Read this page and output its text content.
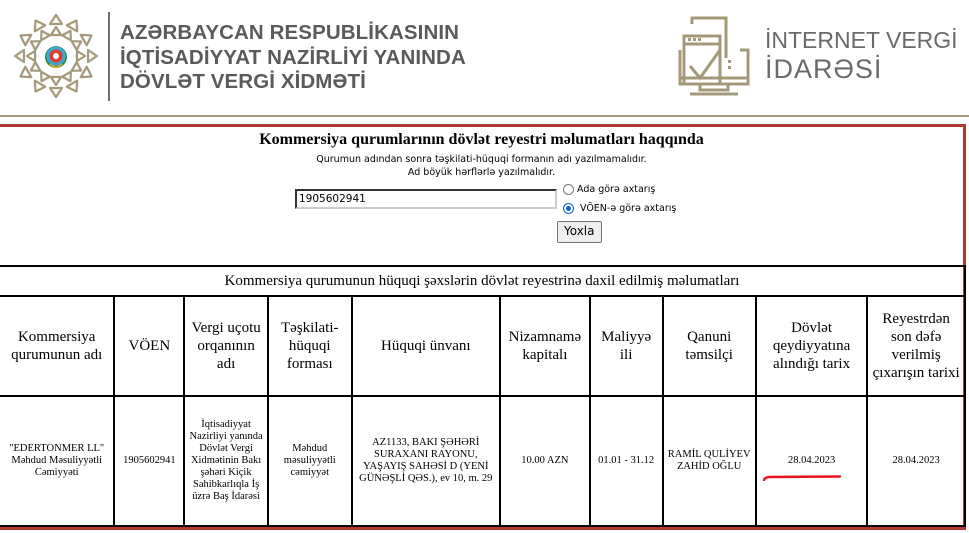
AZƏRBAYCAN RESPUBLİKASININ
İQTİSADİYYAT NAZİRLİYİ YANINDA
DÖVLƏT VERGİ XİDMƏTİ
İNTERNET VERGİ
İDARƏSİ
Kommersiya qurumlarının dövlət reyestri məlumatları haqqında
Qurumun adından sonra təşkilati-hüquqi formanın adı yazılmamalıdır.
Ad böyük hərflərlə yazılmalıdır.
1905602941
Ada görə axtarış
VÖEN-ə görə axtarış
Yoxla
Kommersiya qurumunun hüquqi şəxslərin dövlət reyestrinə daxil edilmiş məlumatları									
Kommersiya qurumunun adı	VÖEN	Vergi uçotu orqanının adı	Təşkilati-hüquqi forması	Hüquqi ünvanı	Nizamnamə kapitalı	Maliyyə ili	Qanuni təmsilçi	Dövlət qeydiyyatına alındığı tarix	Reyestrdən son dəfə verilmiş çıxarışın tarixi

"EDERTONMER LL"
Məhdud Məsuliyyətli Cəmiyyəti	1905602941	İqtisadiyyat Nazirliyi yanında Dövlət Vergi Xidmətinin Bakı şəhəri Kiçik Sahibkarlıqla İş üzrə Baş İdarəsi	Məhdud məsuliyyətli cəmiyyət	AZ1133, BAKI ŞƏHƏRİ SURAXANI RAYONU, YAŞAYIŞ SAHƏSİ D (YENİ GÜNƏŞLİ QƏS.), ev 10, m. 29	10.00 AZN	01.01 - 31.12	RAMİL QULİYEV ZAHİD OĞLU	28.04.2023	28.04.2023
